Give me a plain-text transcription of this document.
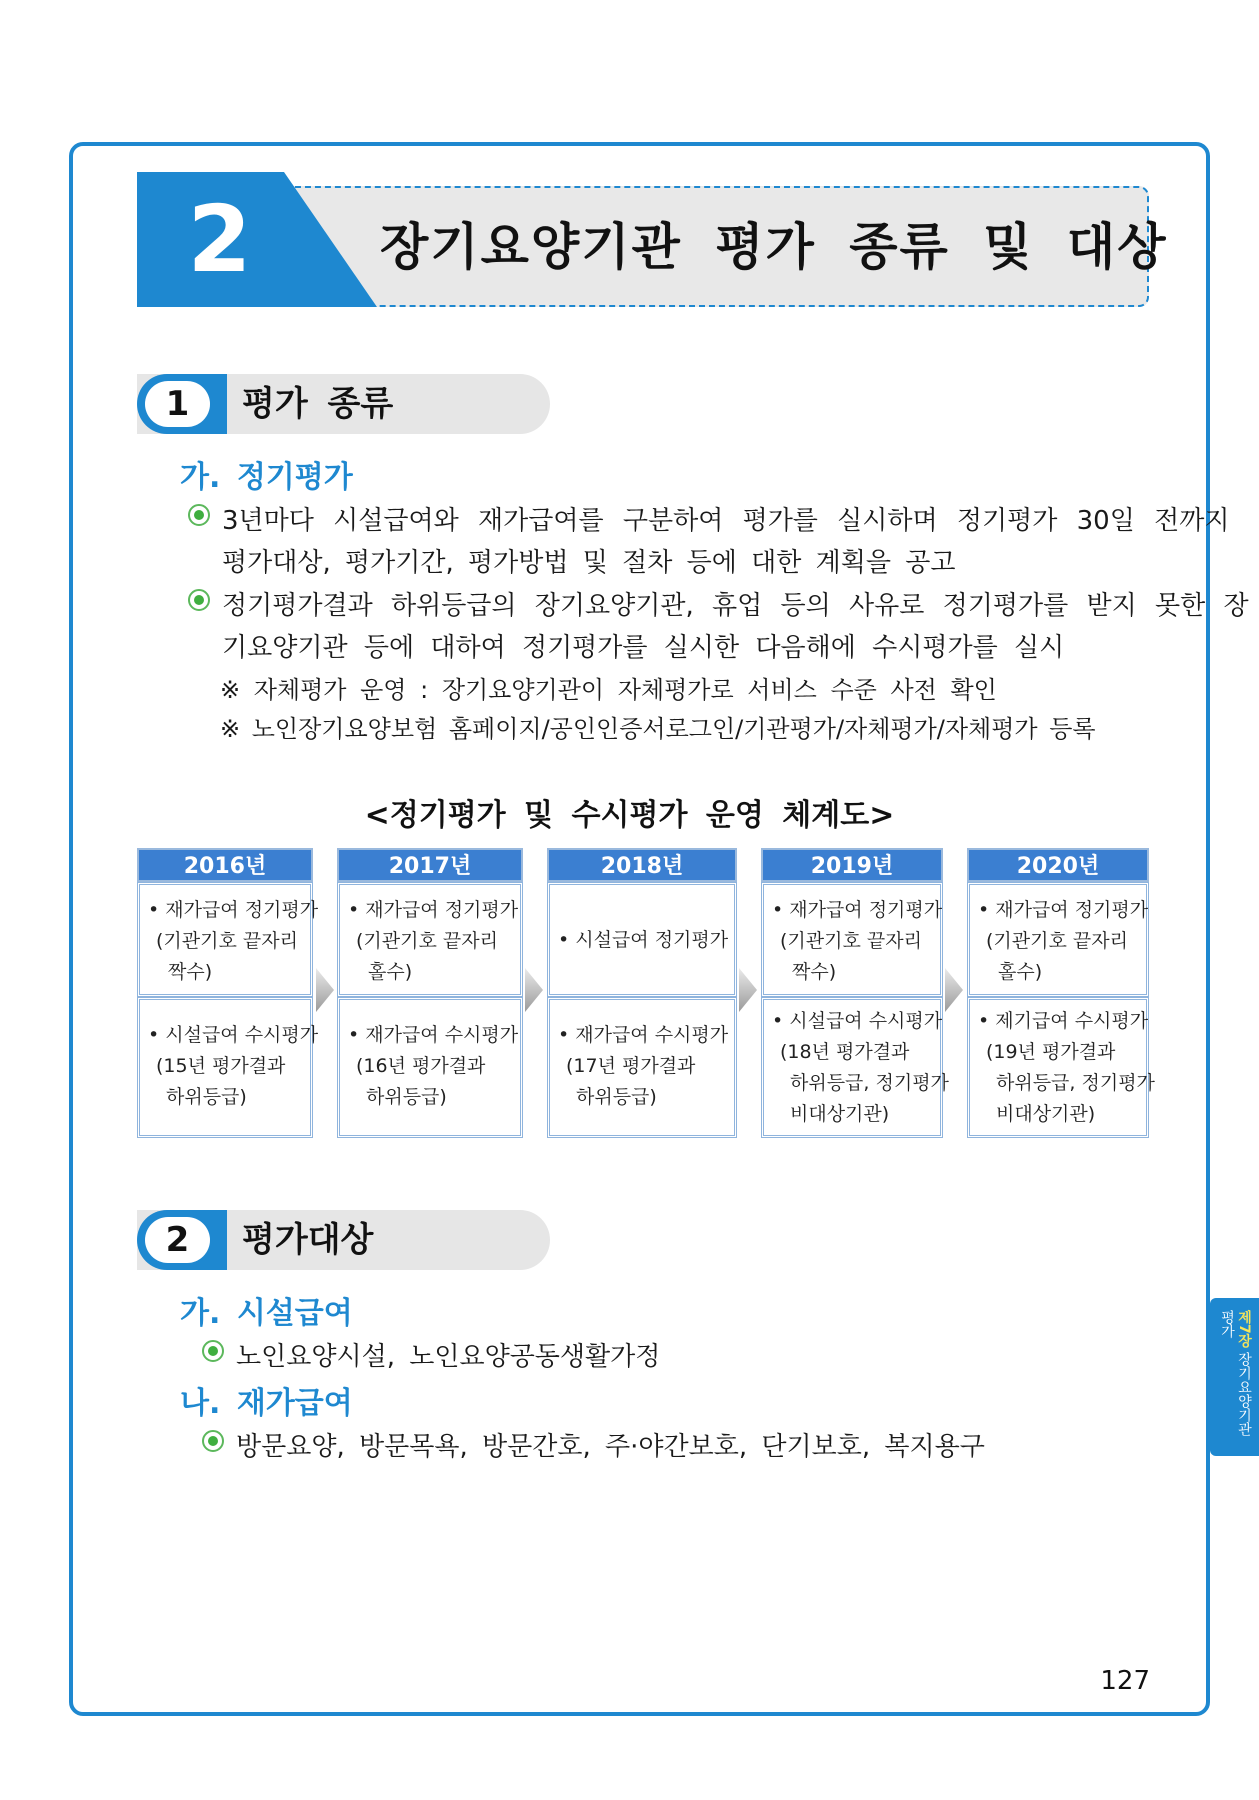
2	장기요양기관 평가 종류 및 대상
1	평가 종류
가. 정기평가
3년마다 시설급여와 재가급여를 구분하여 평가를 실시하며 정기평가 30일 전까지
평가대상, 평가기간, 평가방법 및 절차 등에 대한 계획을 공고
정기평가결과 하위등급의 장기요양기관, 휴업 등의 사유로 정기평가를 받지 못한 장
기요양기관 등에 대하여 정기평가를 실시한 다음해에 수시평가를 실시
※ 자체평가 운영 : 장기요양기관이 자체평가로 서비스 수준 사전 확인
※ 노인장기요양보험 홈페이지/공인인증서로그인/기관평가/자체평가/자체평가 등록
<정기평가 및 수시평가 운영 체계도>
2016년
• 재가급여 정기평가
(기관기호 끝자리
짝수)
• 시설급여 수시평가
(15년 평가결과
하위등급)
2017년
• 재가급여 정기평가
(기관기호 끝자리
홀수)
• 재가급여 수시평가
(16년 평가결과
하위등급)
2018년
• 시설급여 정기평가
• 재가급여 수시평가
(17년 평가결과
하위등급)
2019년
• 재가급여 정기평가
(기관기호 끝자리
짝수)
• 시설급여 수시평가
(18년 평가결과
하위등급, 정기평가
비대상기관)
2020년
• 재가급여 정기평가
(기관기호 끝자리
홀수)
• 제기급여 수시평가
(19년 평가결과
하위등급, 정기평가
비대상기관)
2	평가대상
가. 시설급여
노인요양시설, 노인요양공동생활가정
나. 재가급여
방문요양, 방문목욕, 방문간호, 주·야간보호, 단기보호, 복지용구
제7장 장기요양기관 평가
127
